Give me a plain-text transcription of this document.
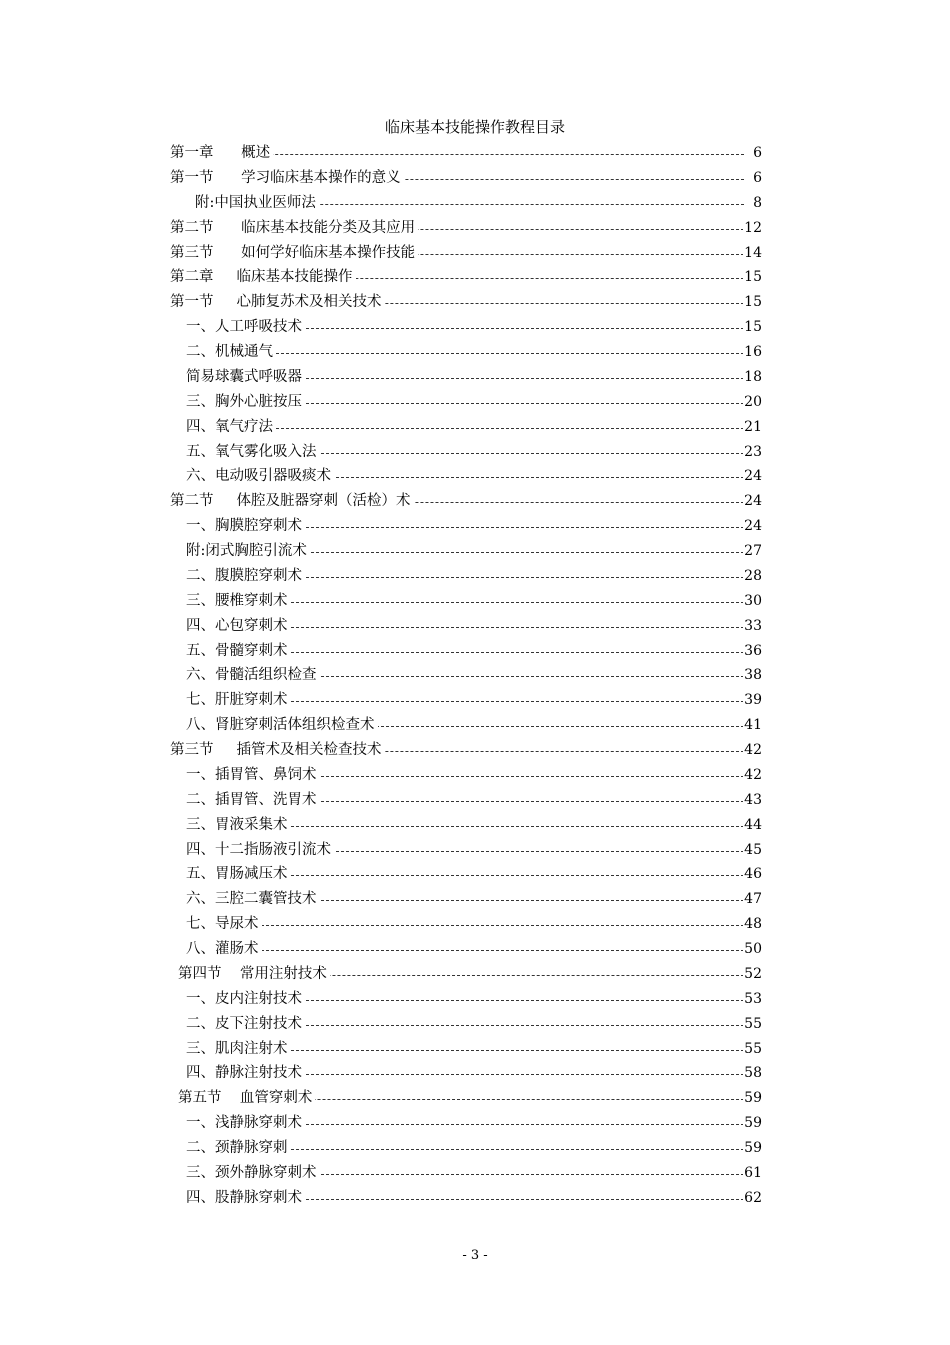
临床基本技能操作教程目录
第一章      概述	6
第一节      学习临床基本操作的意义	6
附:中国执业医师法	8
第二节      临床基本技能分类及其应用	12
第三节      如何学好临床基本操作技能	14
第二章     临床基本技能操作	15
第一节     心肺复苏术及相关技术	15
一、人工呼吸技术	15
二、机械通气	16
简易球囊式呼吸器	18
三、胸外心脏按压	20
四、氧气疗法	21
五、氧气雾化吸入法	23
六、电动吸引器吸痰术	24
第二节     体腔及脏器穿刺（活检）术	24
一、胸膜腔穿刺术	24
附:闭式胸腔引流术	27
二、腹膜腔穿刺术	28
三、腰椎穿刺术	30
四、心包穿刺术	33
五、骨髓穿刺术	36
六、骨髓活组织检查	38
七、肝脏穿刺术	39
八、肾脏穿刺活体组织检查术	41
第三节     插管术及相关检查技术	42
一、插胃管、鼻饲术	42
二、插胃管、洗胃术	43
三、胃液采集术	44
四、十二指肠液引流术	45
五、胃肠减压术	46
六、三腔二囊管技术	47
七、导尿术	48
八、灌肠术	50
第四节    常用注射技术	52
一、皮内注射技术	53
二、皮下注射技术	55
三、肌肉注射术	55
四、静脉注射技术	58
第五节    血管穿刺术	59
一、浅静脉穿刺术	59
二、颈静脉穿刺	59
三、颈外静脉穿刺术	61
四、股静脉穿刺术	62
- 3 -
